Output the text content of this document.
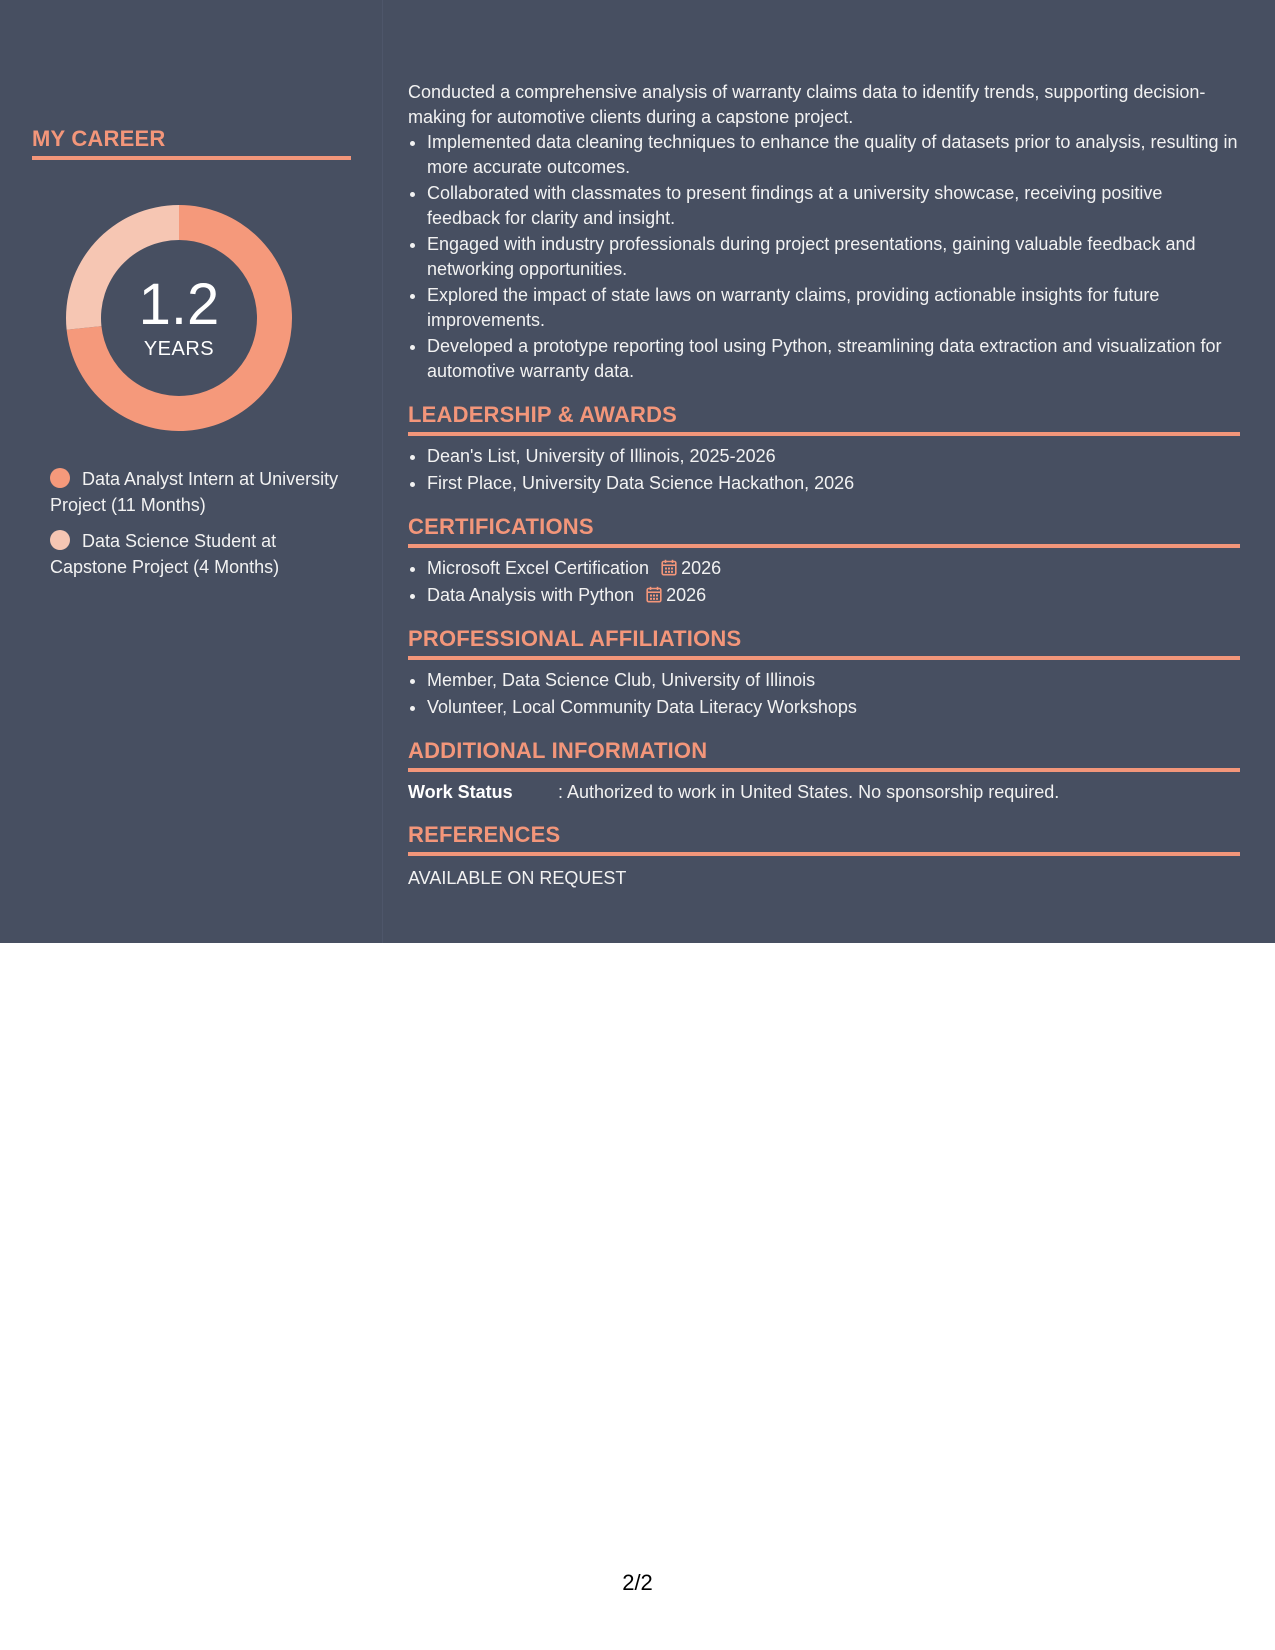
MY CAREER
1.2
YEARS
Data Analyst Intern at University Project (11 Months)
Data Science Student at Capstone Project (4 Months)

Conducted a comprehensive analysis of warranty claims data to identify trends, supporting decision-making for automotive clients during a capstone project.

• Implemented data cleaning techniques to enhance the quality of datasets prior to analysis, resulting in more accurate outcomes.
• Collaborated with classmates to present findings at a university showcase, receiving positive feedback for clarity and insight.
• Engaged with industry professionals during project presentations, gaining valuable feedback and networking opportunities.
• Explored the impact of state laws on warranty claims, providing actionable insights for future improvements.
• Developed a prototype reporting tool using Python, streamlining data extraction and visualization for automotive warranty data.
LEADERSHIP & AWARDS
• Dean's List, University of Illinois, 2025-2026
• First Place, University Data Science Hackathon, 2026
CERTIFICATIONS
• Microsoft Excel Certification 2026
• Data Analysis with Python 2026
PROFESSIONAL AFFILIATIONS
• Member, Data Science Club, University of Illinois
• Volunteer, Local Community Data Literacy Workshops
ADDITIONAL INFORMATION
Work Status	: Authorized to work in United States. No sponsorship required.
REFERENCES
AVAILABLE ON REQUEST
2/2
